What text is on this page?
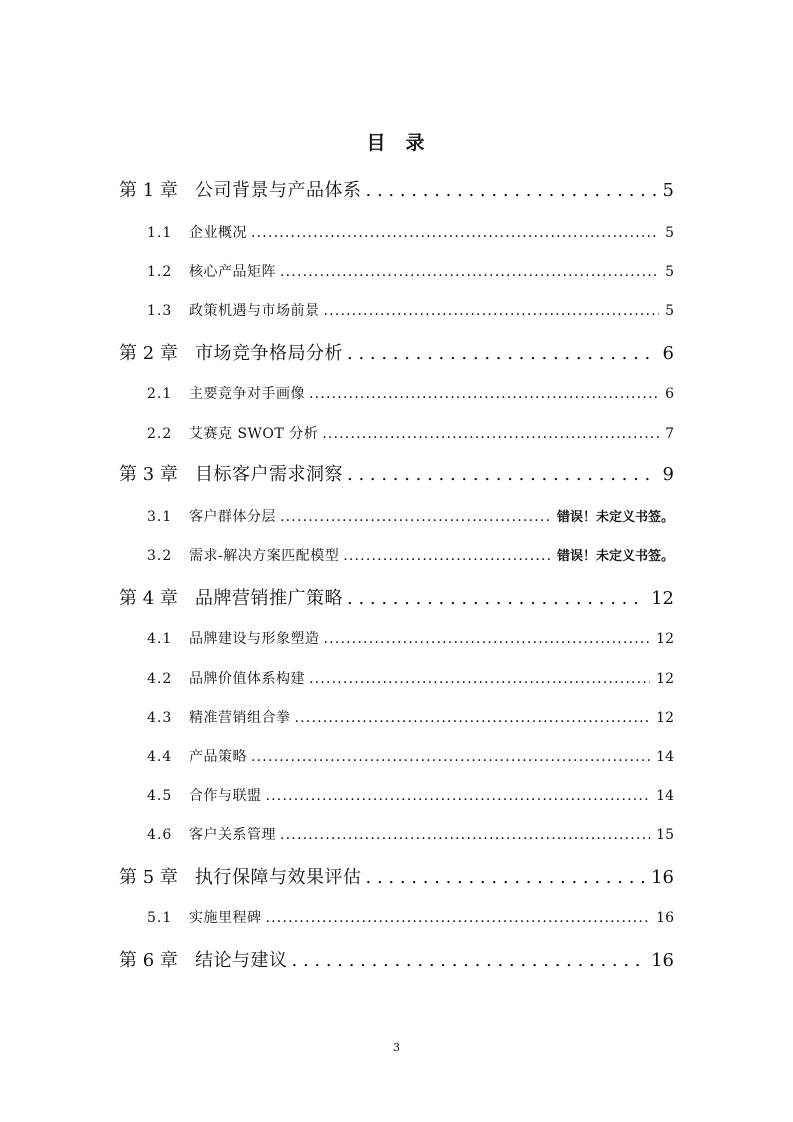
目 录
第 1 章 公司背景与产品体系 . . .	5
1.1	企业概况 .....	5
1.2	核心产品矩阵 .....	5
1.3	政策机遇与市场前景 .....	5
第 2 章 市场竞争格局分析 . . .	6
2.1	主要竞争对手画像 .....	6
2.2	艾赛克 SWOT 分析 .....	7
第 3 章 目标客户需求洞察 . . .	9
3.1	客户群体分层 .....	错误！未定义书签。
3.2	需求-解决方案匹配模型 .....	错误！未定义书签。
第 4 章 品牌营销推广策略 . . .	12
4.1	品牌建设与形象塑造 .....	12
4.2	品牌价值体系构建 .....	12
4.3	精准营销组合拳 .....	12
4.4	产品策略 .....	14
4.5	合作与联盟 .....	14
4.6	客户关系管理 .....	15
第 5 章 执行保障与效果评估 . . .	16
5.1	实施里程碑 .....	16
第 6 章 结论与建议 . . .	16
3
